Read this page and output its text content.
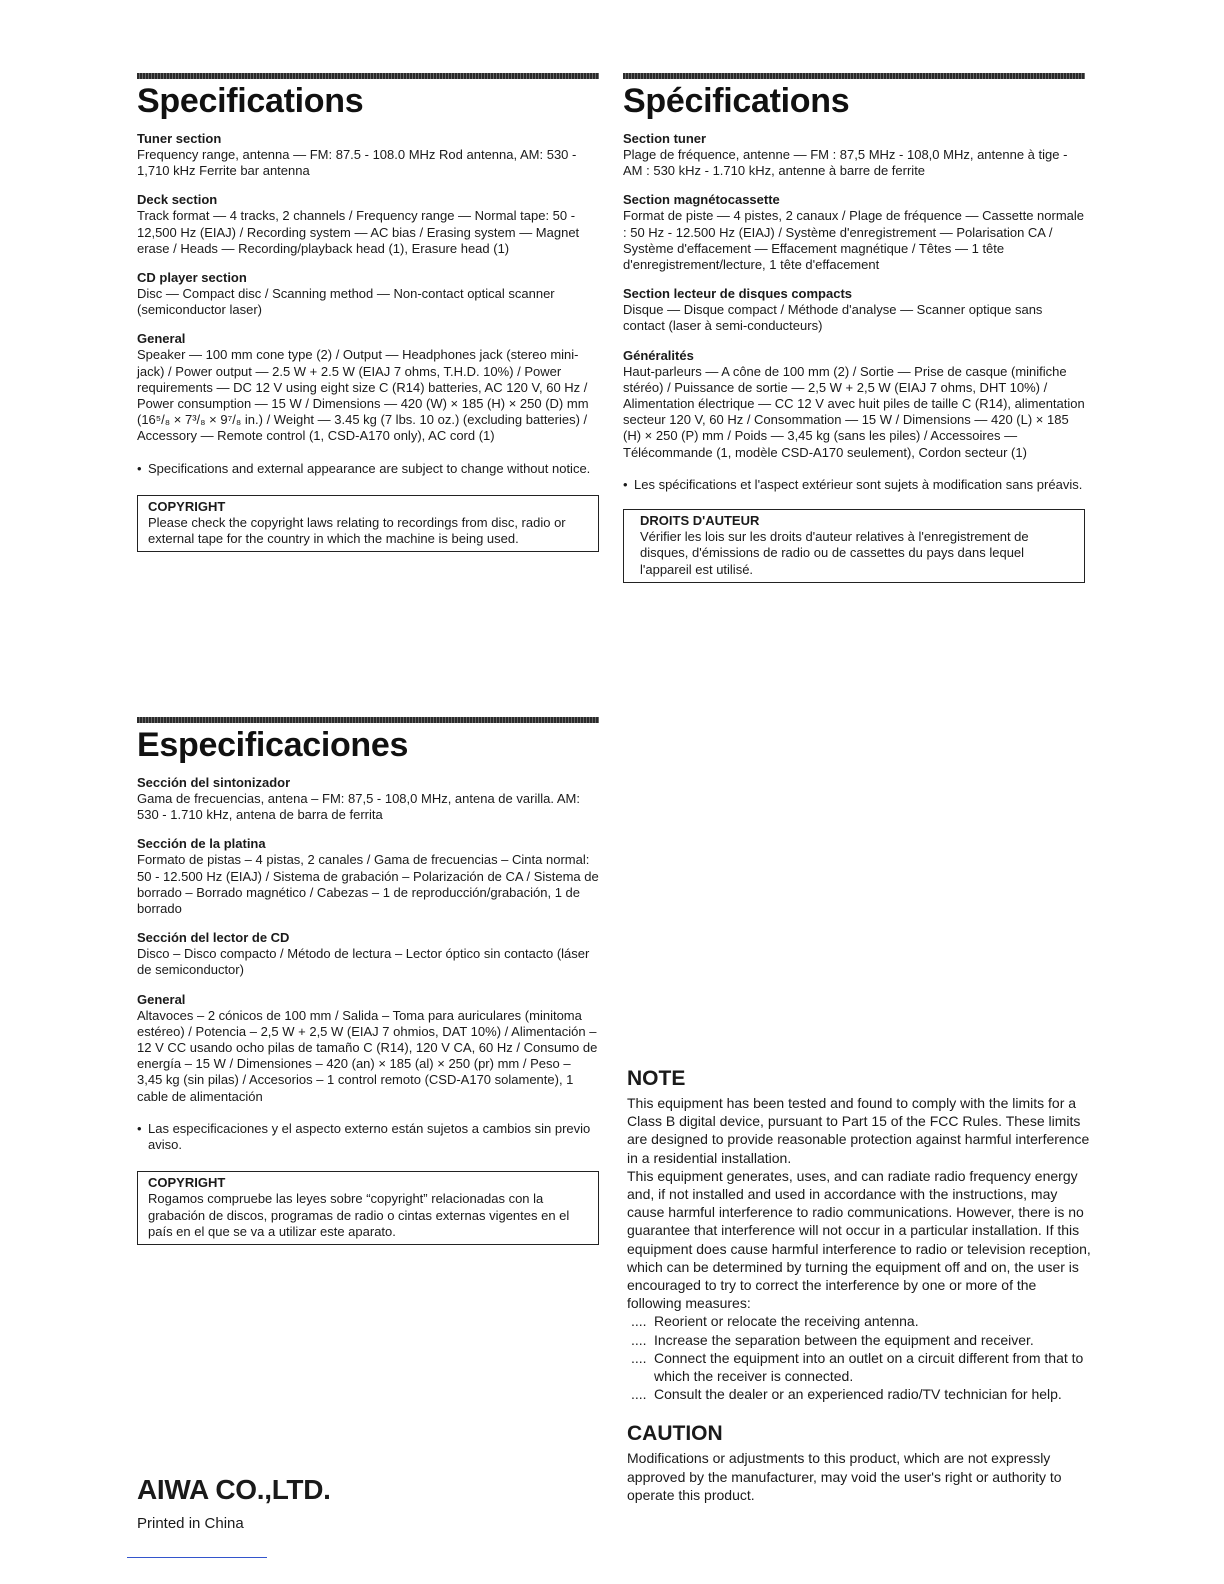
Specifications
Tuner section
Frequency range, antenna — FM: 87.5 - 108.0 MHz Rod antenna, AM: 530 - 1,710 kHz Ferrite bar antenna
Deck section
Track format — 4 tracks, 2 channels / Frequency range — Normal tape: 50 - 12,500 Hz (EIAJ) / Recording system — AC bias / Erasing system — Magnet erase / Heads — Recording/playback head (1), Erasure head (1)
CD player section
Disc — Compact disc / Scanning method — Non-contact optical scanner (semiconductor laser)
General
Speaker — 100 mm cone type (2) / Output — Headphones jack (stereo mini-jack) / Power output — 2.5 W + 2.5 W (EIAJ 7 ohms, T.H.D. 10%) / Power requirements — DC 12 V using eight size C (R14) batteries, AC 120 V, 60 Hz / Power consumption — 15 W / Dimensions — 420 (W) × 185 (H) × 250 (D) mm (16⁵/₈ × 7³/₈ × 9⁷/₈ in.) / Weight — 3.45 kg (7 lbs. 10 oz.) (excluding batteries) / Accessory — Remote control (1, CSD-A170 only), AC cord (1)
• Specifications and external appearance are subject to change without notice.
COPYRIGHT
Please check the copyright laws relating to recordings from disc, radio or external tape for the country in which the machine is being used.
Spécifications
Section tuner
Plage de fréquence, antenne — FM : 87,5 MHz - 108,0 MHz, antenne à tige - AM : 530 kHz - 1.710 kHz, antenne à barre de ferrite
Section magnétocassette
Format de piste — 4 pistes, 2 canaux / Plage de fréquence — Cassette normale : 50 Hz - 12.500 Hz (EIAJ) / Système d'enregistrement — Polarisation CA / Système d'effacement — Effacement magnétique / Têtes — 1 tête d'enregistrement/lecture, 1 tête d'effacement
Section lecteur de disques compacts
Disque — Disque compact / Méthode d'analyse — Scanner optique sans contact (laser à semi-conducteurs)
Généralités
Haut-parleurs — A cône de 100 mm (2) / Sortie — Prise de casque (minifiche stéréo) / Puissance de sortie — 2,5 W + 2,5 W (EIAJ 7 ohms, DHT 10%) / Alimentation électrique — CC 12 V avec huit piles de taille C (R14), alimentation secteur 120 V, 60 Hz / Consommation — 15 W / Dimensions — 420 (L) × 185 (H) × 250 (P) mm / Poids — 3,45 kg (sans les piles) / Accessoires — Télécommande (1, modèle CSD-A170 seulement), Cordon secteur (1)
• Les spécifications et l'aspect extérieur sont sujets à modification sans préavis.
DROITS D'AUTEUR
Vérifier les lois sur les droits d'auteur relatives à l'enregistrement de disques, d'émissions de radio ou de cassettes du pays dans lequel l'appareil est utilisé.
Especificaciones
Sección del sintonizador
Gama de frecuencias, antena – FM: 87,5 - 108,0 MHz, antena de varilla. AM: 530 - 1.710 kHz, antena de barra de ferrita
Sección de la platina
Formato de pistas – 4 pistas, 2 canales / Gama de frecuencias – Cinta normal: 50 - 12.500 Hz (EIAJ) / Sistema de grabación – Polarización de CA / Sistema de borrado – Borrado magnético / Cabezas – 1 de reproducción/grabación, 1 de borrado
Sección del lector de CD
Disco – Disco compacto / Método de lectura – Lector óptico sin contacto (láser de semiconductor)
General
Altavoces – 2 cónicos de 100 mm / Salida – Toma para auriculares (minitoma estéreo) / Potencia – 2,5 W + 2,5 W (EIAJ 7 ohmios, DAT 10%) / Alimentación – 12 V CC usando ocho pilas de tamaño C (R14), 120 V CA, 60 Hz / Consumo de energía – 15 W / Dimensiones – 420 (an) × 185 (al) × 250 (pr) mm / Peso – 3,45 kg (sin pilas) / Accesorios – 1 control remoto (CSD-A170 solamente), 1 cable de alimentación
• Las especificaciones y el aspecto externo están sujetos a cambios sin previo aviso.
COPYRIGHT
Rogamos compruebe las leyes sobre “copyright” relacionadas con la grabación de discos, programas de radio o cintas externas vigentes en el país en el que se va a utilizar este aparato.
NOTE
This equipment has been tested and found to comply with the limits for a Class B digital device, pursuant to Part 15 of the FCC Rules. These limits are designed to provide reasonable protection against harmful interference in a residential installation.
This equipment generates, uses, and can radiate radio frequency energy and, if not installed and used in accordance with the instructions, may cause harmful interference to radio communications. However, there is no guarantee that interference will not occur in a particular installation. If this equipment does cause harmful interference to radio or television reception, which can be determined by turning the equipment off and on, the user is encouraged to try to correct the interference by one or more of the following measures:
.... Reorient or relocate the receiving antenna.
.... Increase the separation between the equipment and receiver.
.... Connect the equipment into an outlet on a circuit different from that to which the receiver is connected.
.... Consult the dealer or an experienced radio/TV technician for help.
CAUTION
Modifications or adjustments to this product, which are not expressly approved by the manufacturer, may void the user's right or authority to operate this product.
AIWA CO.,LTD.
Printed in China
